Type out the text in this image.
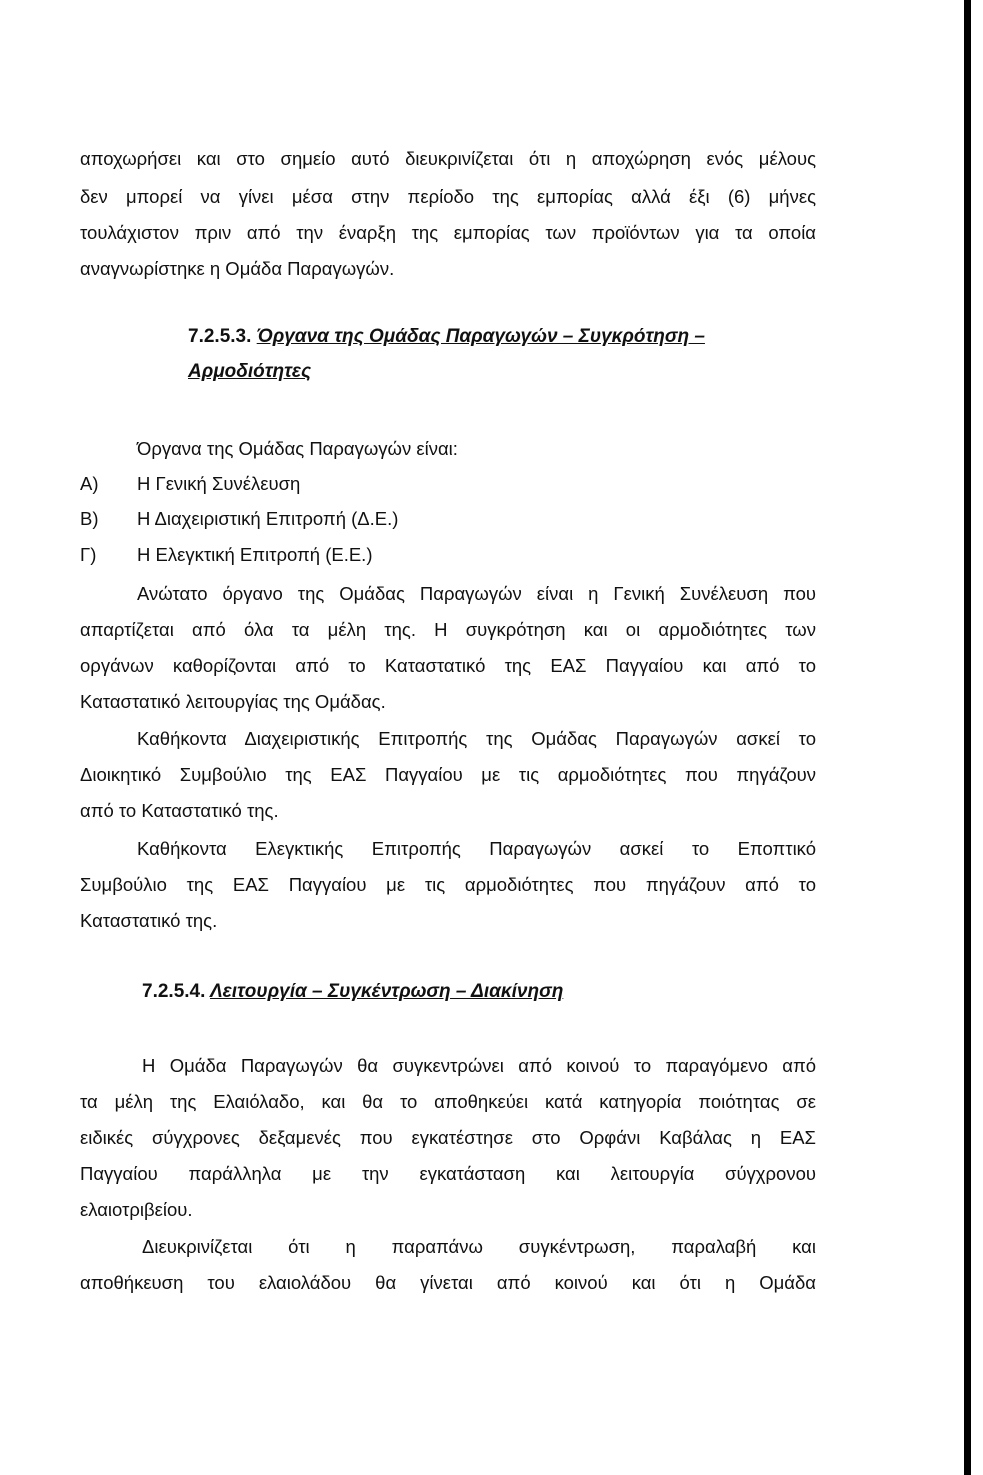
αποχωρήσει και στο σημείο αυτό διευκρινίζεται ότι η αποχώρηση ενός μέλους
δεν μπορεί να γίνει μέσα στην περίοδο της εμπορίας αλλά έξι (6) μήνες
τουλάχιστον πριν από την έναρξη της εμπορίας των προϊόντων για τα οποία
αναγνωρίστηκε η Ομάδα Παραγωγών.
7.2.5.3. Όργανα της Ομάδας Παραγωγών – Συγκρότηση –
Αρμοδιότητες
Όργανα της Ομάδας Παραγωγών είναι:
Α) Η Γενική Συνέλευση
Β) Η Διαχειριστική Επιτροπή (Δ.Ε.)
Γ) Η Ελεγκτική Επιτροπή (Ε.Ε.)
Ανώτατο όργανο της Ομάδας Παραγωγών είναι η Γενική Συνέλευση που
απαρτίζεται από όλα τα μέλη της. Η συγκρότηση και οι αρμοδιότητες των
οργάνων καθορίζονται από το Καταστατικό της ΕΑΣ Παγγαίου και από το
Καταστατικό λειτουργίας της Ομάδας.
Καθήκοντα Διαχειριστικής Επιτροπής της Ομάδας Παραγωγών ασκεί το
Διοικητικό Συμβούλιο της ΕΑΣ Παγγαίου με τις αρμοδιότητες που πηγάζουν
από το Καταστατικό της.
Καθήκοντα Ελεγκτικής Επιτροπής Παραγωγών ασκεί το Εποπτικό
Συμβούλιο της ΕΑΣ Παγγαίου με τις αρμοδιότητες που πηγάζουν από το
Καταστατικό της.
7.2.5.4. Λειτουργία – Συγκέντρωση – Διακίνηση
Η Ομάδα Παραγωγών θα συγκεντρώνει από κοινού το παραγόμενο από
τα μέλη της Ελαιόλαδο, και θα το αποθηκεύει κατά κατηγορία ποιότητας σε
ειδικές σύγχρονες δεξαμενές που εγκατέστησε στο Ορφάνι Καβάλας η ΕΑΣ
Παγγαίου παράλληλα με την εγκατάσταση και λειτουργία σύγχρονου
ελαιοτριβείου.
Διευκρινίζεται ότι η παραπάνω συγκέντρωση, παραλαβή και
αποθήκευση του ελαιολάδου θα γίνεται από κοινού και ότι η Ομάδα
